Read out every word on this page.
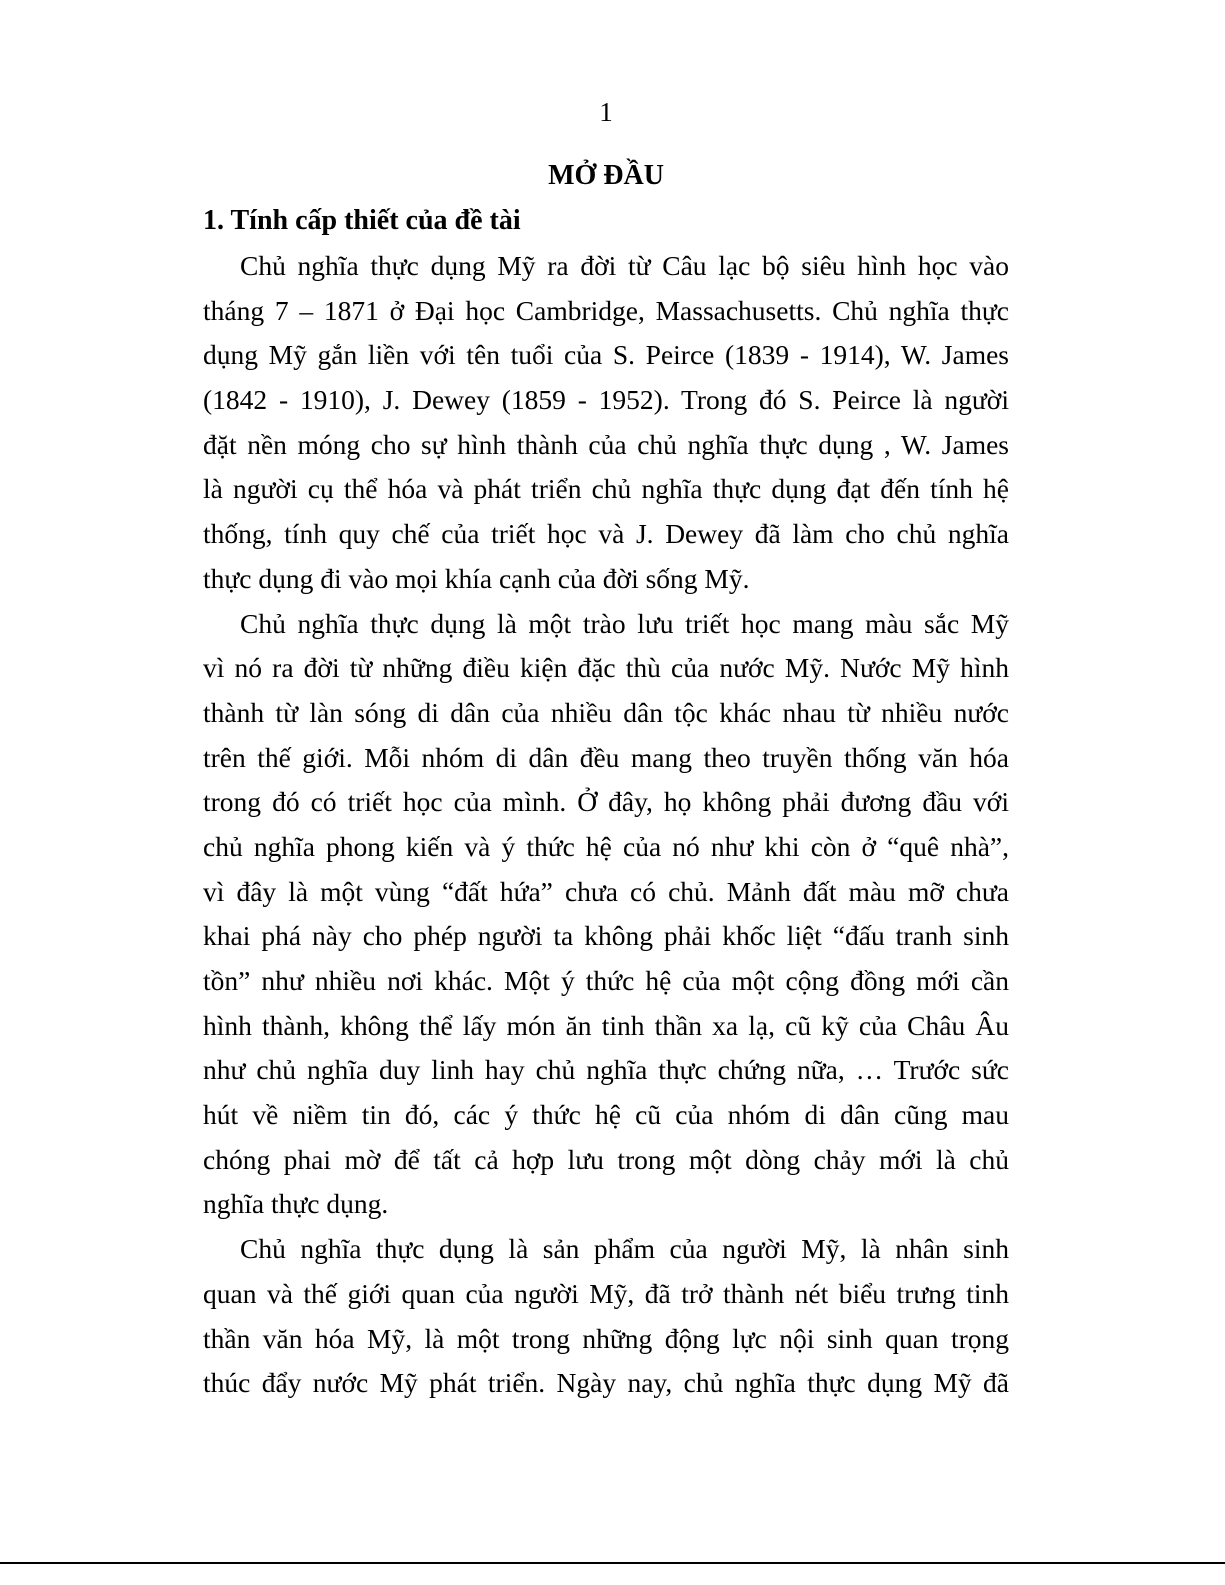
1
MỞ ĐẦU
1. Tính cấp thiết của đề tài
Chủ nghĩa thực dụng Mỹ ra đời từ Câu lạc bộ siêu hình học vào
tháng 7 – 1871 ở Đại học Cambridge, Massachusetts. Chủ nghĩa thực
dụng Mỹ gắn liền với tên tuổi của S. Peirce (1839 - 1914), W. James
(1842 - 1910), J. Dewey (1859 - 1952). Trong đó S. Peirce là người
đặt nền móng cho sự hình thành của chủ nghĩa thực dụng , W. James
là người cụ thể hóa và phát triển chủ nghĩa thực dụng đạt đến tính hệ
thống, tính quy chế của triết học và J. Dewey đã làm cho chủ nghĩa
thực dụng đi vào mọi khía cạnh của đời sống Mỹ.
Chủ nghĩa thực dụng là một trào lưu triết học mang màu sắc Mỹ
vì nó ra đời từ những điều kiện đặc thù của nước Mỹ. Nước Mỹ hình
thành từ làn sóng di dân của nhiều dân tộc khác nhau từ nhiều nước
trên thế giới. Mỗi nhóm di dân đều mang theo truyền thống văn hóa
trong đó có triết học của mình. Ở đây, họ không phải đương đầu với
chủ nghĩa phong kiến và ý thức hệ của nó như khi còn ở “quê nhà”,
vì đây là một vùng “đất hứa” chưa có chủ. Mảnh đất màu mỡ chưa
khai phá này cho phép người ta không phải khốc liệt “đấu tranh sinh
tồn” như nhiều nơi khác. Một ý thức hệ của một cộng đồng mới cần
hình thành, không thể lấy món ăn tinh thần xa lạ, cũ kỹ của Châu Âu
như chủ nghĩa duy linh hay chủ nghĩa thực chứng nữa, … Trước sức
hút về niềm tin đó, các ý thức hệ cũ của nhóm di dân cũng mau
chóng phai mờ để tất cả hợp lưu trong một dòng chảy mới là chủ
nghĩa thực dụng.
Chủ nghĩa thực dụng là sản phẩm của người Mỹ, là nhân sinh
quan và thế giới quan của người Mỹ, đã trở thành nét biểu trưng tinh
thần văn hóa Mỹ, là một trong những động lực nội sinh quan trọng
thúc đẩy nước Mỹ phát triển. Ngày nay, chủ nghĩa thực dụng Mỹ đã
